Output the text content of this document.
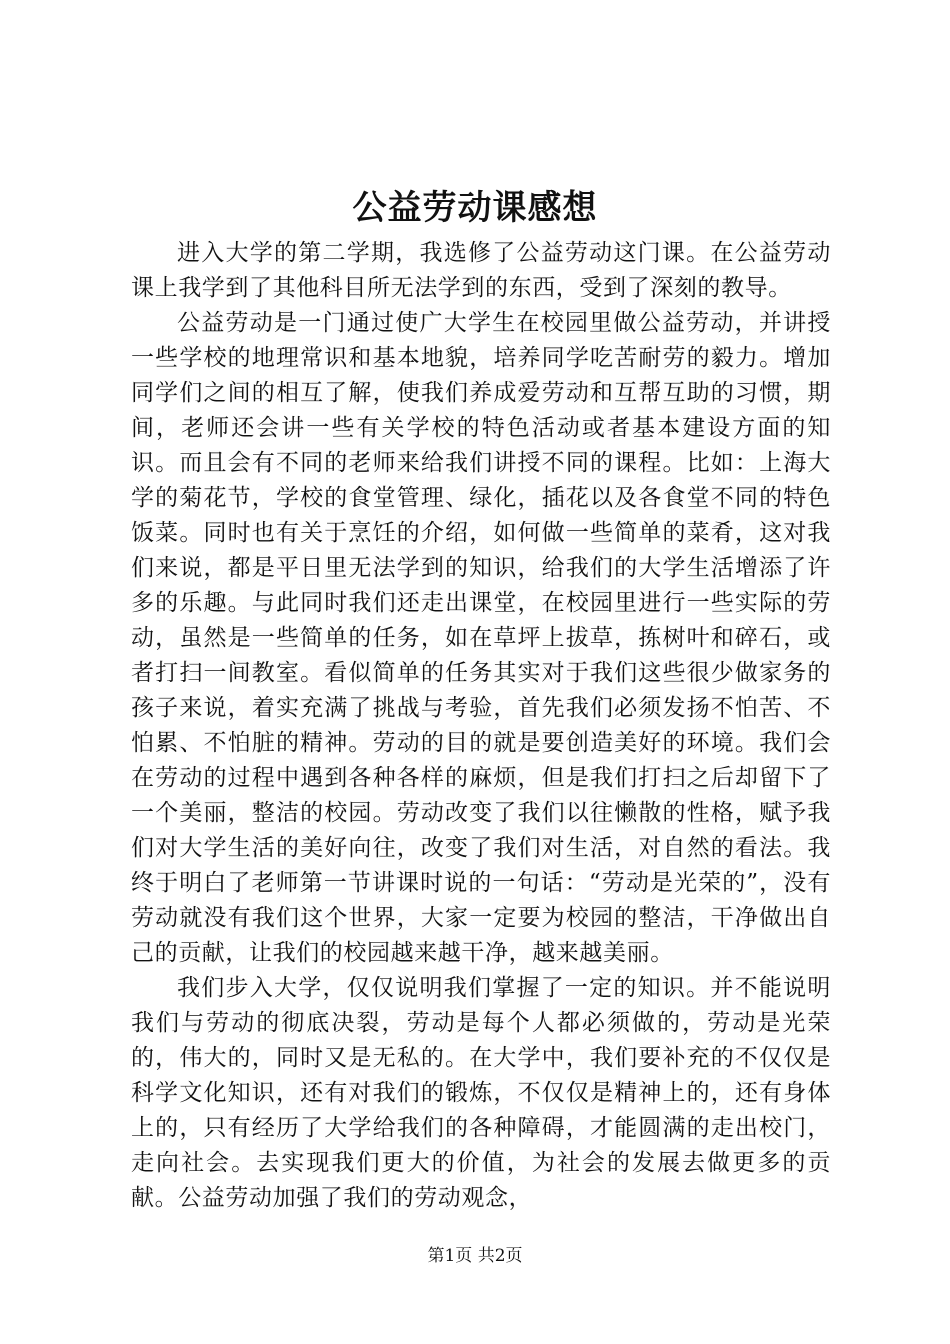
公益劳动课感想

进入大学的第二学期，我选修了公益劳动这门课。在公益劳动课上我学到了其他科目所无法学到的东西，受到了深刻的教导。

公益劳动是一门通过使广大学生在校园里做公益劳动，并讲授一些学校的地理常识和基本地貌，培养同学吃苦耐劳的毅力。增加同学们之间的相互了解，使我们养成爱劳动和互帮互助的习惯，期间，老师还会讲一些有关学校的特色活动或者基本建设方面的知识。而且会有不同的老师来给我们讲授不同的课程。比如：上海大学的菊花节，学校的食堂管理、绿化，插花以及各食堂不同的特色饭菜。同时也有关于烹饪的介绍，如何做一些简单的菜肴，这对我们来说，都是平日里无法学到的知识，给我们的大学生活增添了许多的乐趣。与此同时我们还走出课堂，在校园里进行一些实际的劳动，虽然是一些简单的任务，如在草坪上拔草，拣树叶和碎石，或者打扫一间教室。看似简单的任务其实对于我们这些很少做家务的孩子来说，着实充满了挑战与考验，首先我们必须发扬不怕苦、不怕累、不怕脏的精神。劳动的目的就是要创造美好的环境。我们会在劳动的过程中遇到各种各样的麻烦，但是我们打扫之后却留下了一个美丽，整洁的校园。劳动改变了我们以往懒散的性格，赋予我们对大学生活的美好向往，改变了我们对生活，对自然的看法。我终于明白了老师第一节讲课时说的一句话：“劳动是光荣的”，没有劳动就没有我们这个世界，大家一定要为校园的整洁，干净做出自己的贡献，让我们的校园越来越干净，越来越美丽。

我们步入大学，仅仅说明我们掌握了一定的知识。并不能说明我们与劳动的彻底决裂，劳动是每个人都必须做的，劳动是光荣的，伟大的，同时又是无私的。在大学中，我们要补充的不仅仅是科学文化知识，还有对我们的锻炼，不仅仅是精神上的，还有身体上的，只有经历了大学给我们的各种障碍，才能圆满的走出校门，走向社会。去实现我们更大的价值，为社会的发展去做更多的贡献。公益劳动加强了我们的劳动观念，

第1页 共2页
